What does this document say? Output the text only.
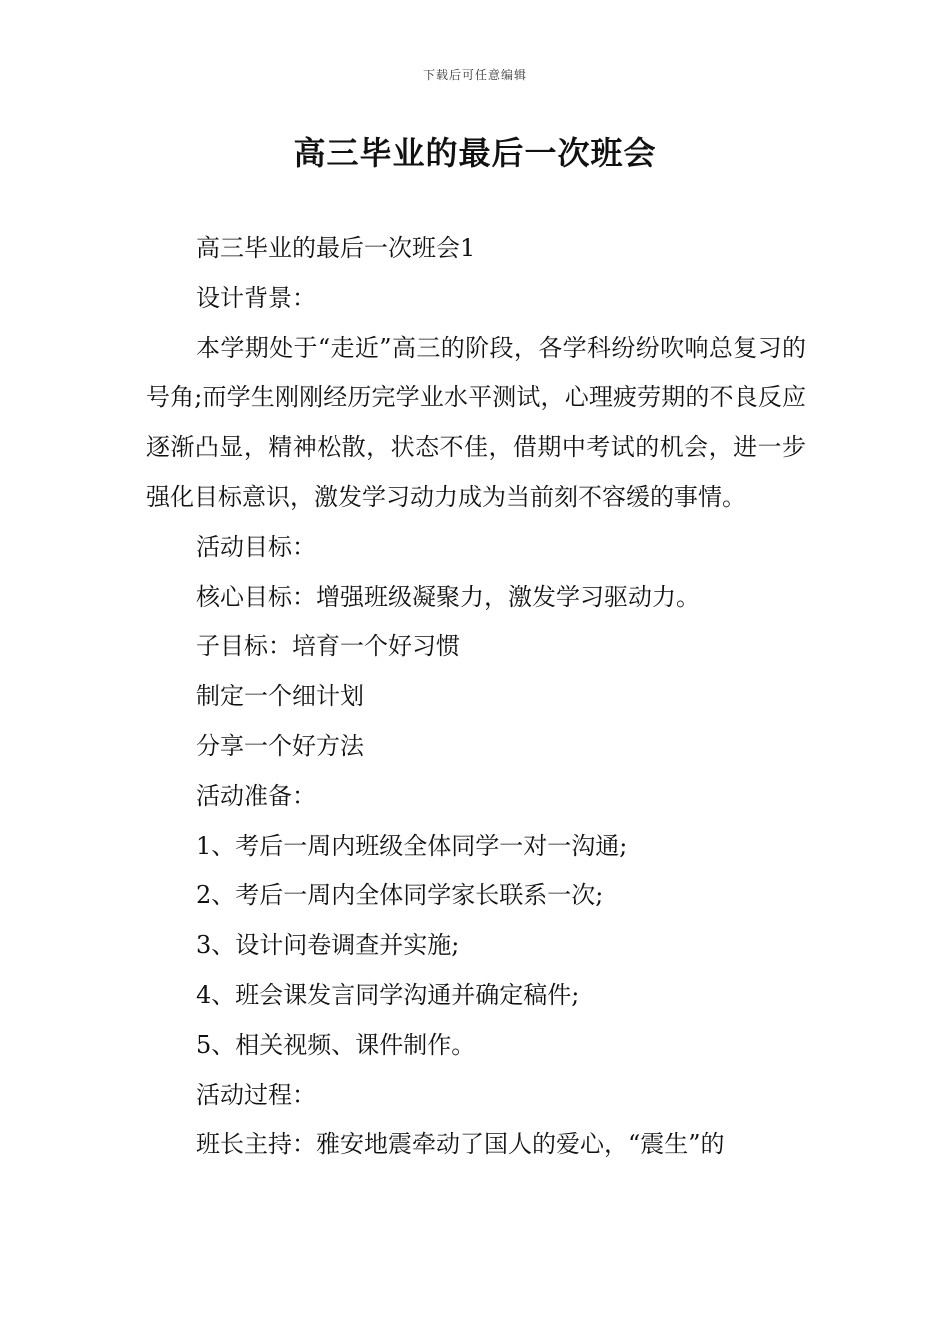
下载后可任意编辑
高三毕业的最后一次班会

高三毕业的最后一次班会1

设计背景：

本学期处于“走近”高三的阶段，各学科纷纷吹响总复习的号角;而学生刚刚经历完学业水平测试，心理疲劳期的不良反应逐渐凸显，精神松散，状态不佳，借期中考试的机会，进一步强化目标意识，激发学习动力成为当前刻不容缓的事情。

活动目标：

核心目标：增强班级凝聚力，激发学习驱动力。

子目标：培育一个好习惯

制定一个细计划

分享一个好方法

活动准备：

1、考后一周内班级全体同学一对一沟通;

2、考后一周内全体同学家长联系一次;

3、设计问卷调查并实施;

4、班会课发言同学沟通并确定稿件;

5、相关视频、课件制作。

活动过程：

班长主持：雅安地震牵动了国人的爱心，“震生”的
